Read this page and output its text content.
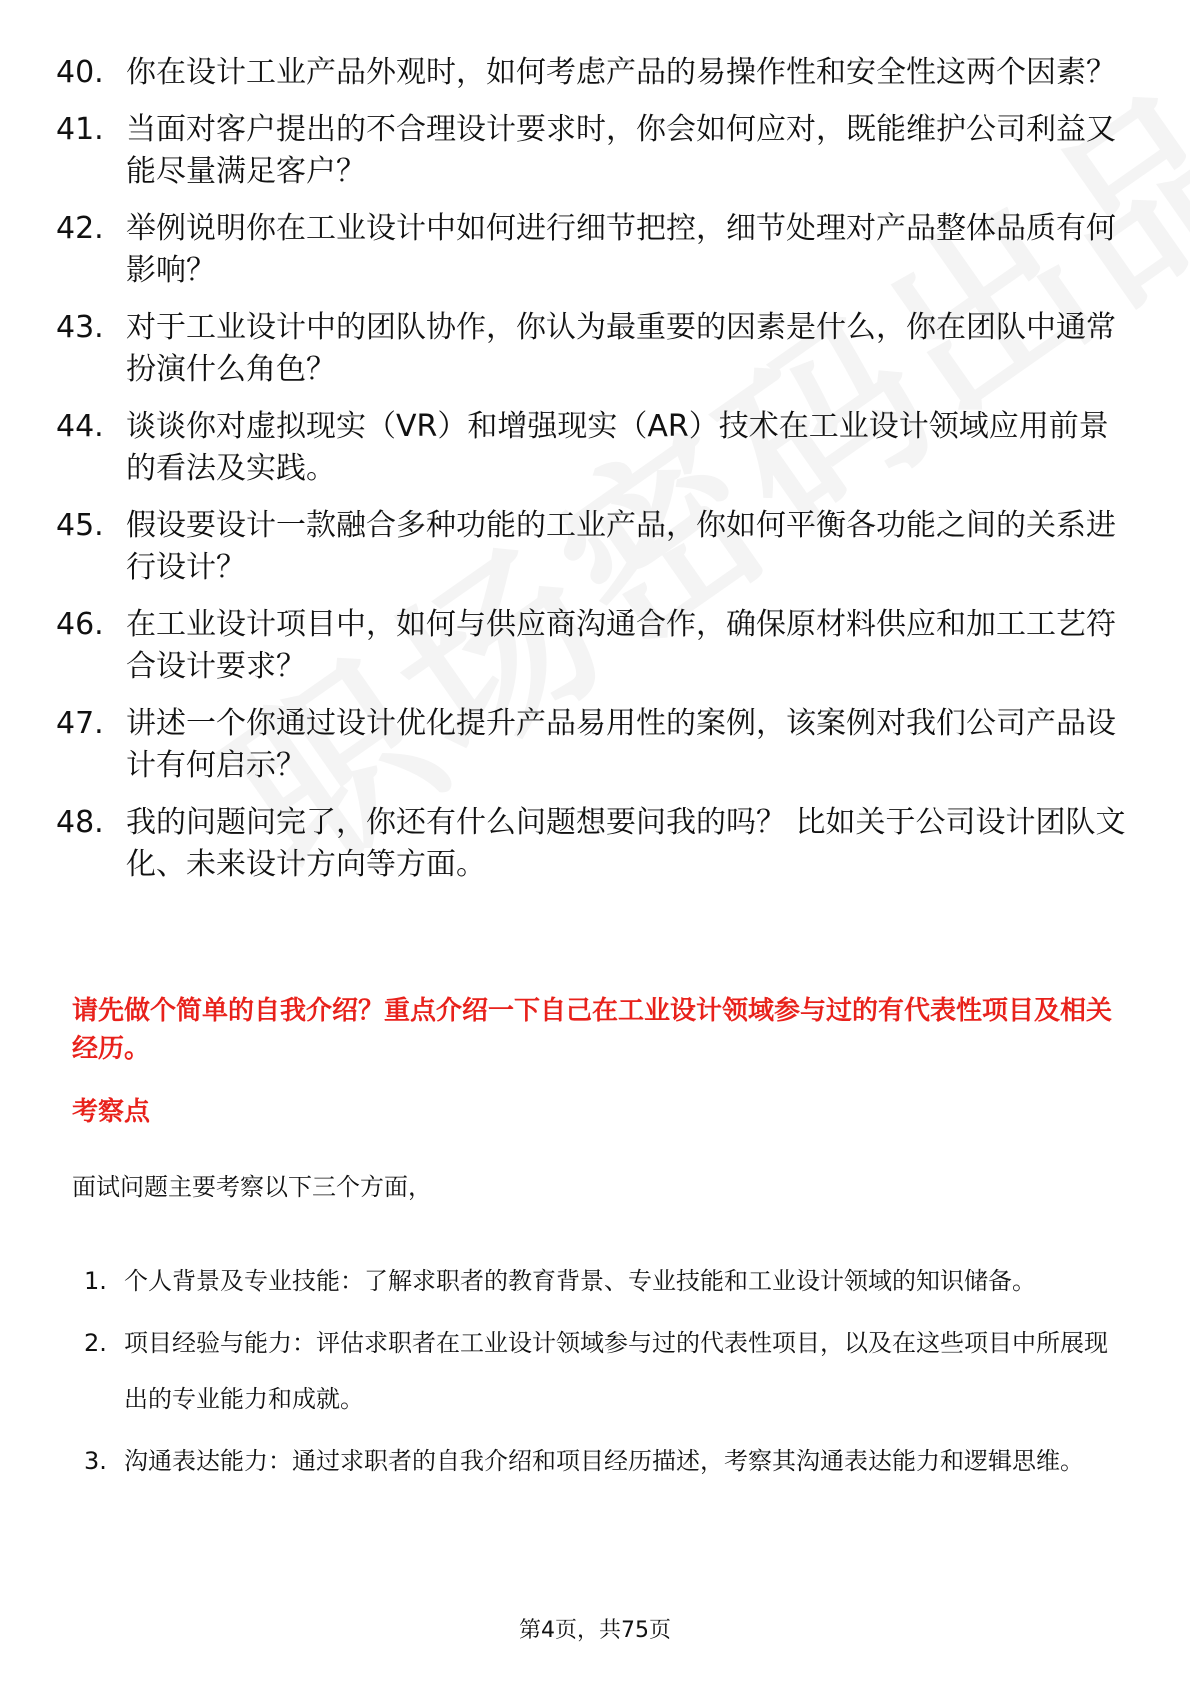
40. 你在设计工业产品外观时，如何考虑产品的易操作性和安全性这两个因素？
41. 当面对客户提出的不合理设计要求时，你会如何应对，既能维护公司利益又能尽量满足客户？
42. 举例说明你在工业设计中如何进行细节把控，细节处理对产品整体品质有何影响？
43. 对于工业设计中的团队协作，你认为最重要的因素是什么，你在团队中通常扮演什么角色？
44. 谈谈你对虚拟现实（VR）和增强现实（AR）技术在工业设计领域应用前景的看法及实践。
45. 假设要设计一款融合多种功能的工业产品，你如何平衡各功能之间的关系进行设计？
46. 在工业设计项目中，如何与供应商沟通合作，确保原材料供应和加工工艺符合设计要求？
47. 讲述一个你通过设计优化提升产品易用性的案例，该案例对我们公司产品设计有何启示？
48. 我的问题问完了，你还有什么问题想要问我的吗？ 比如关于公司设计团队文化、未来设计方向等方面。
请先做个简单的自我介绍？重点介绍一下自己在工业设计领域参与过的有代表性项目及相关经历。
考察点
面试问题主要考察以下三个方面，
1. 个人背景及专业技能：了解求职者的教育背景、专业技能和工业设计领域的知识储备。
2. 项目经验与能力：评估求职者在工业设计领域参与过的代表性项目，以及在这些项目中所展现出的专业能力和成就。
3. 沟通表达能力：通过求职者的自我介绍和项目经历描述，考察其沟通表达能力和逻辑思维。
第4页，共75页
